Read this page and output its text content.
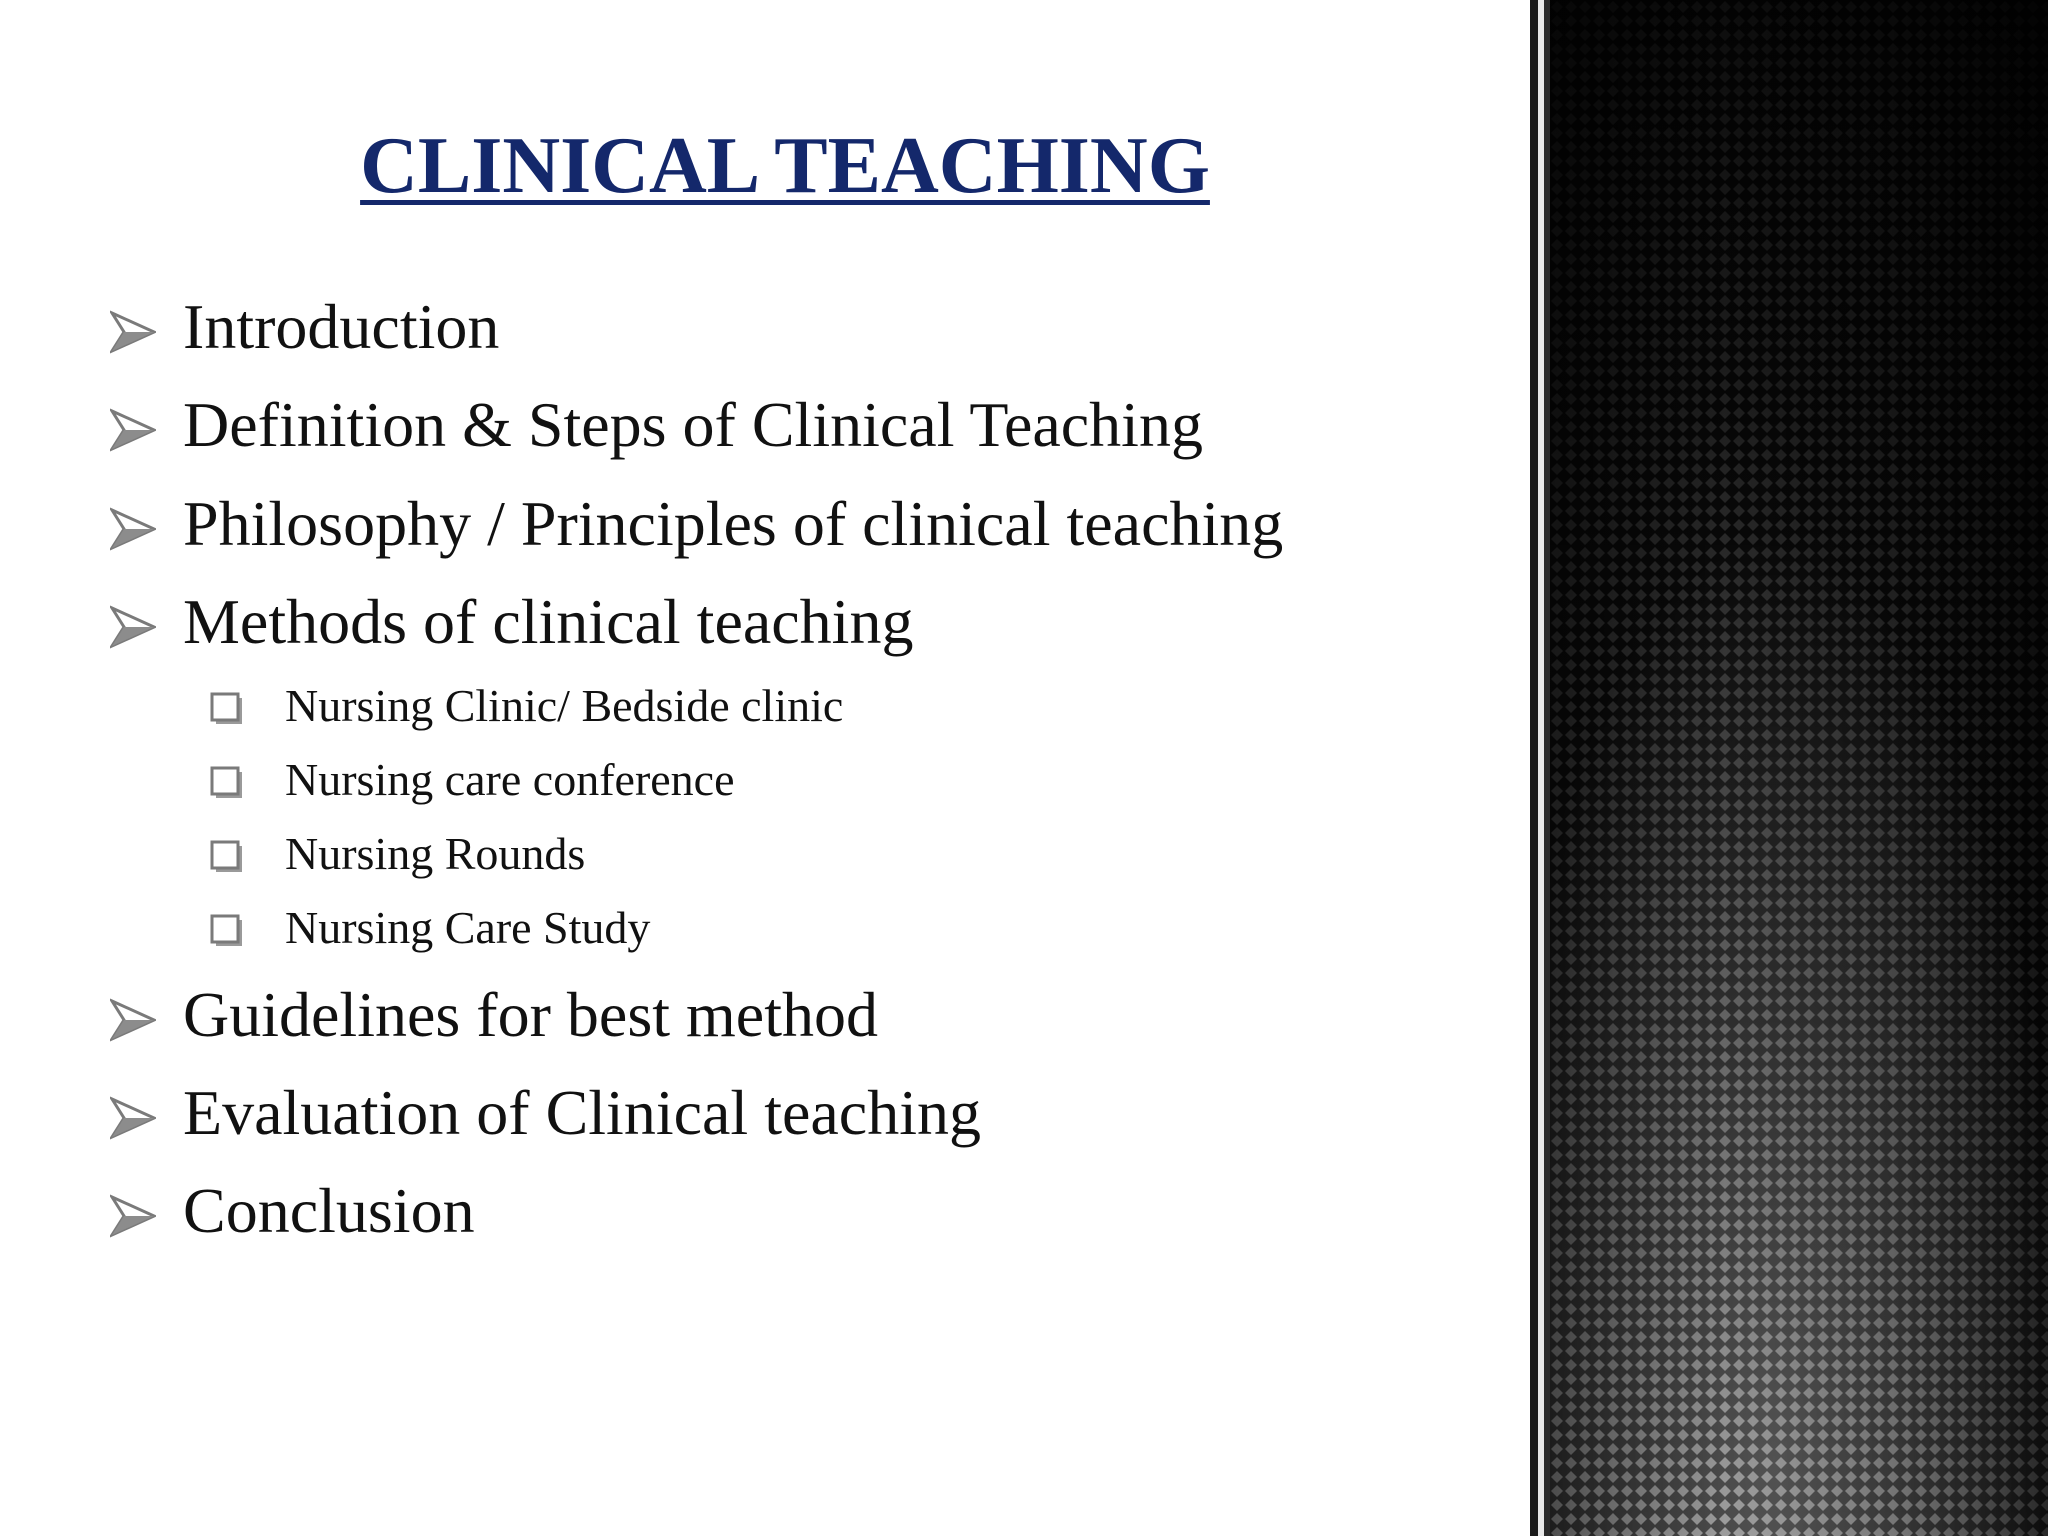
CLINICAL TEACHING
Introduction
Definition & Steps of Clinical Teaching
Philosophy / Principles of clinical teaching
Methods of clinical teaching
Nursing Clinic/ Bedside clinic
Nursing care conference
Nursing Rounds
Nursing Care Study
Guidelines for best method
Evaluation of Clinical teaching
Conclusion
